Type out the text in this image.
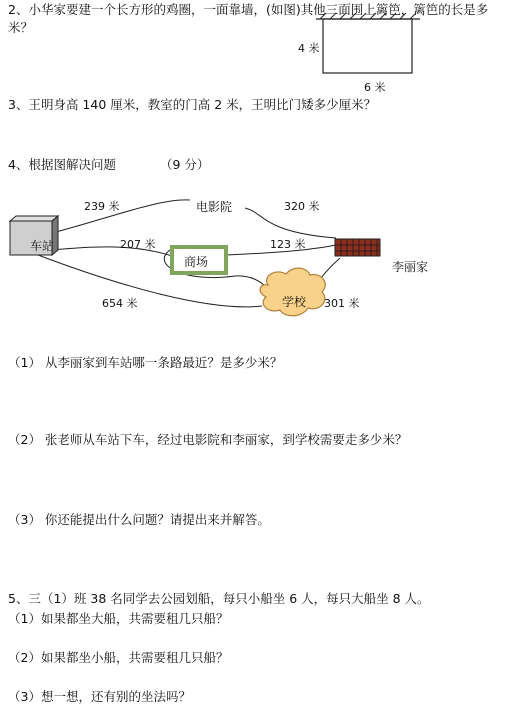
2、小华家要建一个长方形的鸡圈，一面靠墙，(如图)其他三面围上篱笆，篱笆的长是多
米？
4 米
6 米
3、王明身高 140 厘米，教室的门高 2 米，王明比门矮多少厘米？
4、根据图解决问题	（9 分）
239 米	电影院	320 米
车站	207 米
商场
123 米
李丽家
学校 301 米
654 米
（1） 从李丽家到车站哪一条路最近？是多少米？
（2） 张老师从车站下车，经过电影院和李丽家，到学校需要走多少米？
（3） 你还能提出什么问题？请提出来并解答。
5、三（1）班 38 名同学去公园划船，每只小船坐 6 人，每只大船坐 8 人。
（1）如果都坐大船，共需要租几只船？
（2）如果都坐小船，共需要租几只船？
（3）想一想，还有别的坐法吗？
